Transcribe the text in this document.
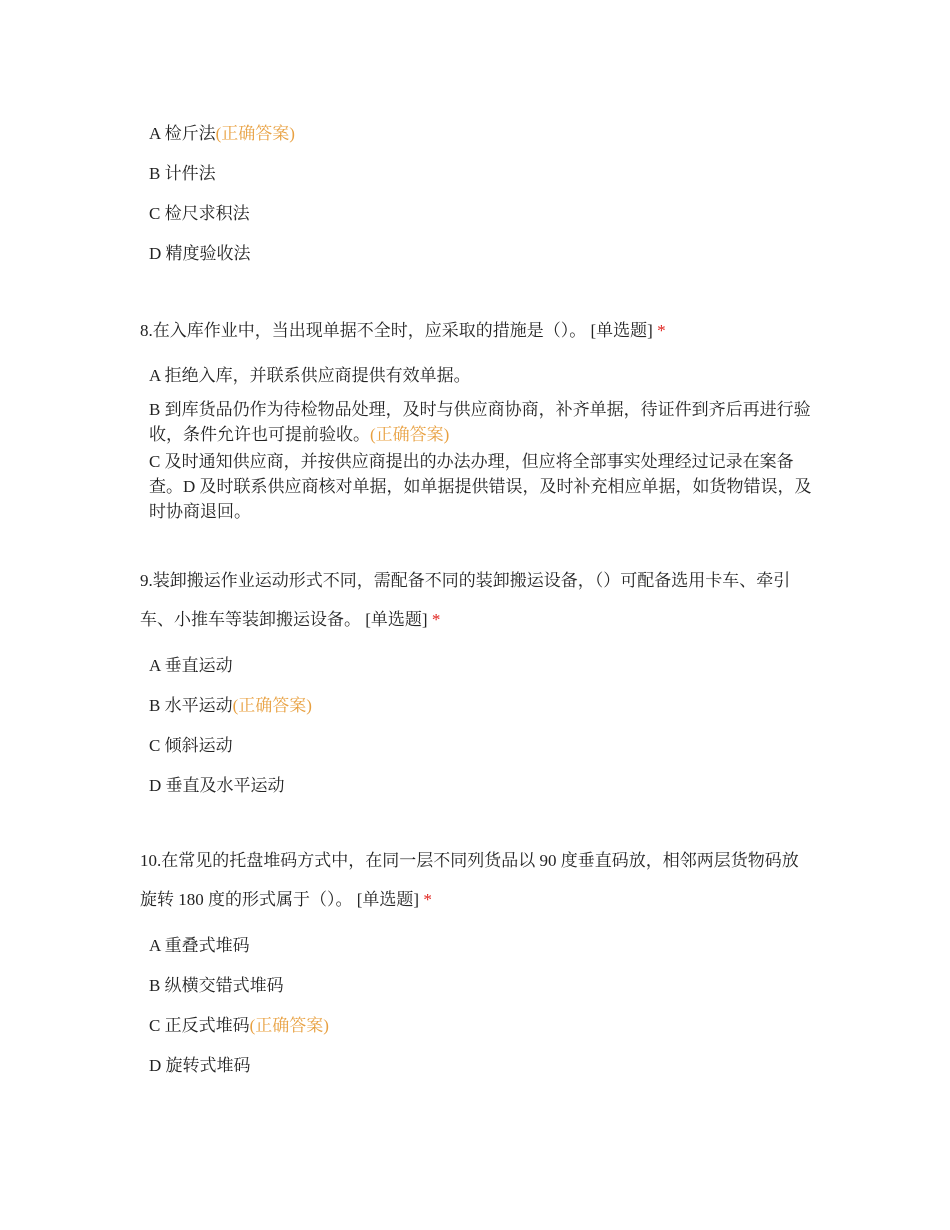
A 检斤法(正确答案)
B 计件法
C 检尺求积法
D 精度验收法
8.在入库作业中，当出现单据不全时，应采取的措施是（）。 [单选题] *
A 拒绝入库，并联系供应商提供有效单据。
B 到库货品仍作为待检物品处理，及时与供应商协商，补齐单据，待证件到齐后再进行验收，条件允许也可提前验收。(正确答案)
C 及时通知供应商，并按供应商提出的办法办理，但应将全部事实处理经过记录在案备查。D 及时联系供应商核对单据，如单据提供错误，及时补充相应单据，如货物错误，及时协商退回。
9.装卸搬运作业运动形式不同，需配备不同的装卸搬运设备，（）可配备选用卡车、牵引车、小推车等装卸搬运设备。 [单选题] *
A 垂直运动
B 水平运动(正确答案)
C 倾斜运动
D 垂直及水平运动
10.在常见的托盘堆码方式中，在同一层不同列货品以 90 度垂直码放，相邻两层货物码放旋转 180 度的形式属于（）。 [单选题] *
A 重叠式堆码
B 纵横交错式堆码
C 正反式堆码(正确答案)
D 旋转式堆码
